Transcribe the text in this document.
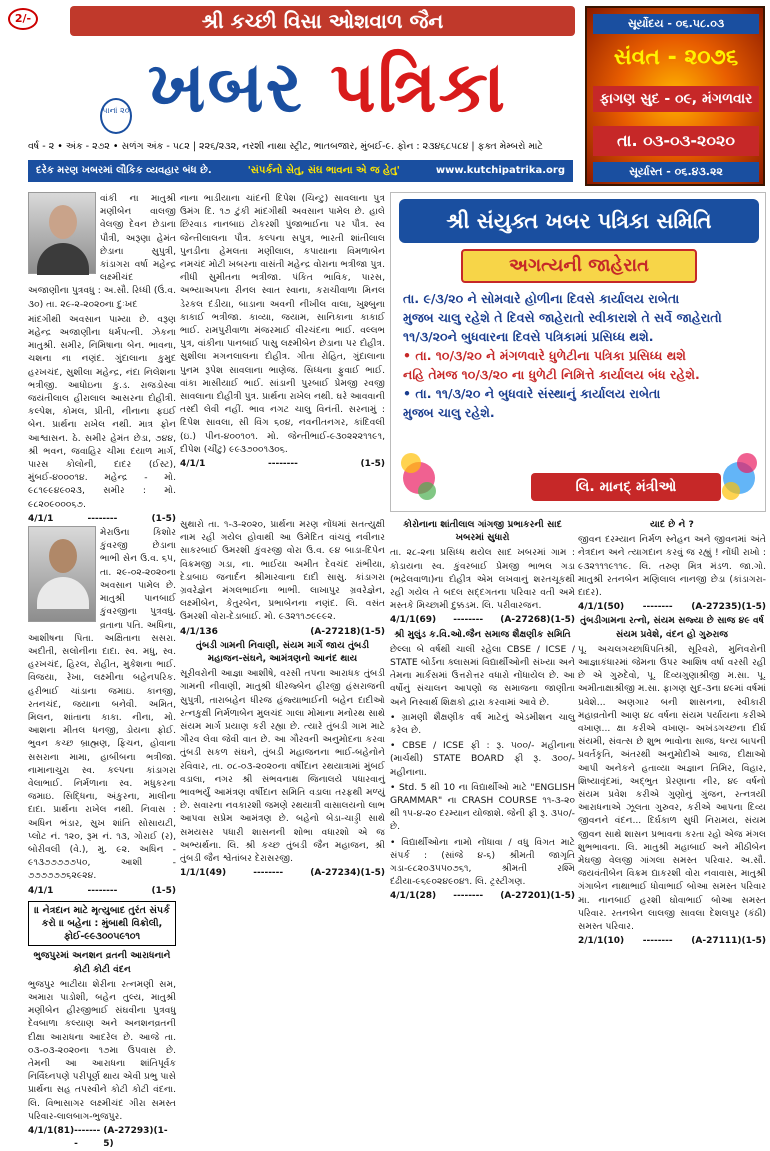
2/-	શ્રી કચ્છી વિસા ઓશવાળ જૈન
ખબર પત્રિકા
પાનાં ૨૦
વર્ષ - ૨ • અંક - ૨૭૨ • સળંગ અંક - ૫૮૨ | ૨૨૬/૨૩૨, નરશી નાથા સ્ટ્રીટ, ભાતબજાર, મુંબઈ-૯. ફોન : ૨૩૪૬૮૫૮૪ | ફક્ત મેમ્બરો માટે
દરેક મરણ ખબરમાં લૌકિક વ્યવહાર બંધ છે.	'સંપર્કનો સેતુ, સંઘ ભાવના એ જ હેતુ'	www.kutchipatrika.org
સૂર્યોદય - ૦૬.૫૮.૦૩
સંવત - ૨૦૭૬
ફાગણ સુદ - ૦૯, મંગળવાર
તા. ૦૩-૦૩-૨૦૨૦
સૂર્યાસ્ત - ૦૬.૪૩.૨૨

વાંકી ના માતુશ્રી મણીબેન વાલજી વેલજી દેવન છેડાના પૌત્રી, અરૂણા હેમંત છેડાના સુપુત્રી, કાંડાગરા વર્ષા મહેન્દ્ર લક્ષ્મીચંદ અજાણીના પુત્રવધુ : અ.સૌ. રિધ્ધી (ઉં.વ. ૩૦) તા. ૨૯-૨-૨૦૨૦ના દુઃખદ

માંદગીથી અવસાન પામ્યા છે. વરૂણ મહેન્દ્ર અજાણીના ધર્મપત્ની. ઝેકના માતુશ્રી. સમીર, નિમિષાના બેન. ભાવના, ચશના ના નણંદ. ગુંદાલાના કુમુદ હરખચંદ, સુશીલા મહેન્દ્ર, નંદા નિલેશના ભત્રીજી. આધોઇના કુ.ડ. રાજડોસ્વા જયંતીલાલ હીરાલાલ આસરના દોહીત્રી. કલ્પેશ, કોમલ, પ્રીતી, નીનાના ફઇઈ બેન. પ્રાર્થના રાખેલ નથી. માત્ર ફોન આશ્વાસન. ઠે. સમીર હેમંત છેડા, ૭૪૪, શ્રી ભવન, જવાહિર ચીમા દયાળ માર્ગ, પારસ કોલોની, દાદર (ઈસ્ટ), મુંબઈ-૪૦૦૦૧૪. મહેન્દ્ર - મો. ૯૮૧૯૯૪૯૦૨૩, સમીર : મો. ૯૮૨૦૯૦૦૦૬૭.

4/1/1	--------	(1-5)

મેરાઉના કિશોર કુંવરજી છેડાના ભાભી સેન ઉ.વ. ૬૫, તા. ૨૯-૦૨-૨૦૨૦ના અવસાન પામેલ છે. માતુશ્રી પાનબાઈ કુંવરજીના પુત્રવધુ. વ્રતાના પતિ. અધિના, આશીષના પિતા. અક્ષિતાના સસરા. અદીતી, સલોનીના દાદા. સ્વ. મધુ, સ્વ. હરખચંદ, હિરલ, રોહીત, મુકેશના ભાઈ. વિજયા, રેખા, લક્ષ્મીના બહેનપરિક. હરીભાઈ ચાંડાના જમાઇ. કાનજી, રતનચંદ, જયાના બનેવી. અમિત, મિલન, શાંતાના કાકા. નીના, મો. આશના મીતલ ધનજી, ડોયના ફોઈ. ભુવન કચ્છ બ્રાહ્મણ, ફિચન, હોવાના સસરાના મામા, હાબીબના ભત્રીજા. નામાનાચુરા સ્વ. કલ્પના કાંડાગરા વેલાભાઈ. નિર્મળાના સ્વ. મધુકરના જમાઇ. સિદ્ધિના, અંકુરના, માલીના દાદા. પ્રાર્થના રાખેલ નથી. નિવાસ : અધિન ભંડાર, સુખ શાંતિ સોસાયટી, પ્લોટ નં. ૧૨૦, રૂમ નં. ૧૩, ગોરાઈ (ર), બોરીવલી (વે.), મુ. ૯૨. અધિન - ૯૧૩૭૭૭૭૭૫૦, આશી - ૭૭૭૭૭૭૬૨૯૨૪.

4/1/1	--------	(1-5)
॥ નેત્રદાન માટે મૃત્યુબાદ તુરંત સંપર્ક કરો ॥ બહેના : મુંબાથી વિક્રોલી, ફોઈ-૯૯૩૦૦૫૯૧૦૧

ભુજપુરમાં અનશન વ્રતની આરાધનાને કોટી કોટી વંદન

ભુજપુર ભાટીયા શેરીના રત્નમણી સમ, અમારા પાડોશી, બહેન તુલ્ય, માતુશ્રી મણીબેન હીરજીભાઈ સંઘવીના પુત્રવધુ દેવબાળા કલ્યાણ અને અનશનવ્રતની દીક્ષા આરાધના આદરેલ છે. આજે તા. ૦૩-૦૩-૨૦૨૦ના ૧૭મા ઉપવાસ છે. તેમની આ આરાધના શાંતિપૂર્વક નિર્વિઘ્નપણે પરીપૂર્ણ થાય એવી પ્રભુ પાસે પ્રાર્થના સહ તપસ્વીને કોટી કોટી વંદના. લિ. વિભાસાગર લક્ષ્મીચંદ ગીરા સમસ્ત પરિવાર-લાલબાગ-ભુજપુર.

4/1/1(81) --------
(A-27293)(1-5)

નાના ભાડીયાના ચાંદની દિપેશ (ચિન્ટુ) સાવલાના પુત્ર ઉમંગ દિ. ૧૭ ટુંકી માંદગીથી અવસાન પામેલ છે. હાલે છિરવાડ નાનબાઇ ટોકરશી પુંજાભાઈના પર પૌત્ર. સ્વ જેન્તીલાલના પૌત્ર. કલ્પના સપુત્ર, ભારતી શાંતીલાલ પુનડીના હેમલતા મણીલાલ, કપાયાના વિમળાબેન નમચંદ મોટી ખબરના વાસંતી મહેન્દ્ર વોરાના ભત્રીજા પુત્ર. નીધી સુમીતના ભત્રીજા. પંકિત ભાવિક, પારસ, અભ્યાઅપના રીનલ સ્વાત સ્વાના, કરાચીવાળા મિનલ ડેરકલ દંડીયા, બાડાના અવની નીખીલ વાલા, ખુશ્બુના કાકાઈ ભત્રીજા. કાવ્યા, જયામ, સાનિકાના કાકાઈ ભાઈ. રામપુરીવાળા મંજરમાઈ વીરચંદના ભાઈ. વલ્લભ પુત્ર, વાંકીના પાનબાઈ પાસુ લક્ષ્મીબેન છેડાના પર દોહીત્ર. સુશીલા મગનલાલના દોહીત્ર. ગીતા રોહિત, ગુંદાલાના પુનમ રૂપેશ સાવલાના ભાણેજ. સિધ્ધના ફુવાઈ ભાઈ. વાંકા માસીયાઈ ભાઈ. સાંડાની પુરબાઈ પ્રેમજી રવજી સાવલાના દોહીત્રી પુત્ર. પ્રાર્થના રાખેલ નથી. ઘરે આવવાની તસ્દી લેવી નહીં. ભાવ નગટ ચાલુ વિનંતી. સરનામું : દિપેશ સાવલા, સી વિંગ ૬૦૪, નવનીતનગર, કાંદિવલી (ઇ.) પીન-૪૦૦૧૦૧. મો. જેન્તીભાઈ-૯૩૦૨૨૨૧૧૯૧, દીપેશ (ચીંટુ) ૯૯૩૭૦૦૧૩૦૬.

4/1/1	--------	(1-5)
શ્રી સંયુક્ત ખબર પત્રિકા સમિતિ
અગત્યની જાહેરાત
તા. ૯/૩/૨૦ ને સોમવારે હોળીના દિવસે કાર્યાલય રાબેતા
મુજબ ચાલુ રહેશે તે દિવસે જાહેરાતો સ્વીકારાશે તે સર્વે જાહેરાતો
૧૧/૩/૨૦ને બુધવારના દિવસે પત્રિકામાં પ્રસિધ્ધ થશે.
• તા. ૧૦/૩/૨૦ ને મંગળવારે ધુળેટીના પત્રિકા પ્રસિધ્ધ થશે
નહિ તેમજ ૧૦/૩/૨૦ ના ધુળેટી નિમિત્તે કાર્યાલય બંધ રહેશે.
• તા. ૧૧/૩/૨૦ ને બુધવારે સંસ્થાનું કાર્યાલય રાબેતા
મુજબ ચાલુ રહેશે.
લિ. માનદ્ મંત્રીઓ

સુથારો તા. ૧-૩-૨૦૨૦, પ્રાર્થના મરણ નોંધમાં સતત્યુક્ષી નામ રહી ગયેલ હોવાથી આ ઉમેદિત વાંચવું નવીનાર સાકરબાઈ ઉમરશી કુંવરજી વોરા ઉ.વ. ૯૪ બાડા-દિપેન વિક્રમજી ગડા, ના. ભાઈયા અમીત દેવચંદ રાંભીયા, દેડાબાઇ જનાર્દન શ્રીમારવાના દાદી સાસુ. કાંડાગરા ગ્રવરેજ્ઞેન મંગલભાઈના ભાભી. લાખાપુર ગ્રવરેજ્ઞેન, લક્ષ્મીબેન, કેતુરબેન, પ્રભાબેનના નણંદ. લિ. વસંત ઉમરશી વોરા-દેડાબાઈ. મો. ૯૩૨૧૧૭૯૯૯૨.

4/1/136	(A-27218)(1-5)

તુંબડી ગામની નિવાણી, સંયમ માર્ગે જાય તુંબડી મહાજન-સંઘને, આમંત્રણનો આનંદ થાય

સૂરીવરોની આજ્ઞા આશીષે, વરસી તપના આરાધક તુંબડી ગામની નીવાણી, માતુશ્રી ધીરજ્બેન હીરજી હંસરાજની સુપુત્રી, તારાબહેન ધીરજ હંજ્યાભાઈની બહેન દાદીઓ રત્નકુક્ષી નિર્મળાબેન મુલચંદ ગાલા મોમાના મનોરથ સાથે સંયમ માર્ગ પ્રયાણ કરી રહ્યા છે. ત્યારે તુંબડી ગામ માટે ગૌરવ લેવા જેવી વાત છે. આ ગૌરવની અનુમોદના કરવા તુંબડી સકળ સંઘને, તુંબડી મહાજનના ભાઈ-બહેનોને રવિવાર, તા. ૦૮-૦૩-૨૦૨૦ના વર્ષીદાન રથયાત્રામાં મુંબઈ વડાલા, નગર શ્રી સંભવનાથ જિનાલયે પધારવાનું ભાવભર્યું આમંત્રણ વર્ષીદાન સમિતિ વડાલા તરફથી મળ્યું છે. સવારના નવકારશી જમણે રથયાત્રી વાસાલયનો લાભ આપવા સપ્રેમ આમંત્રણ છે. બહેનો બેડા-ચાડ્ડી સાથે સમયસર પધારી શાસનની શોભા વધારશો એ જ અભ્યર્થના. લિ. શ્રી કચ્છ તુંબડી જૈન મહાજન, શ્રી તુંબડી જૈન શ્વેતાંબર દેરાસરજી.

1/1/1(49)	--------	(A-27234)(1-5)

કોરોનાના શાંતીલાલ ગાંગજી પ્રભાકરની સાદ ખબરમાં સુધારો

તા. ૨૮-૨ના પ્રસિધ્ધ થયેલ સાદ ખબરમાં ગામ : કોડાયના સ્વ. કુંવરબાઈ પ્રેમજી ભાભલ ગડા (ભદ્રેલવાળા)ના દોહીત્ર એમ લખવાનું શરતચૂકથી રહી ગયેલ તે બદલ સદ્દગતના પરિવાર વતી અમે મસ્તકે મિચ્છામી દુક્કડમ. લિ. પરીવારજન.

4/1/1(69) -------- (A-27268)(1-5)

શ્રી મુલુંડ ક.વિ.ઓ.જૈન સમાજ શૈક્ષણીક સમિતિ

છેલ્લા બે વર્ષથી ચાલી રહેલા CBSE / ICSE / STATE બોર્ડના ક્લાસમાં વિદ્યાર્થીઓની સંખ્યા અને તેમના માર્કસમાં ઉત્તરોત્તર વધારો નોંધાયેલ છે. આ વર્ષોનું સંચાલન આપણો જ સમાજના જાણીતા અને નિસ્વાર્થ શિક્ષકો દ્વારા કરવામાં આવે છે.

• ગ્રામણી શૈક્ષણીક વર્ષ માટેનું એડમીશન ચાલુ કરેલ છે.

• CBSE / ICSE ફી : રૂ. ૫૦૦/- મહીનાના (માર્ચથી) STATE BOARD ફી રૂ. ૩૦૦/- મહીનાના.

• Std. 5 થી 10 ના વિદ્યાર્થીઓ માટે "ENGLISH GRAMMAR" ના CRASH COURSE ૧૧-૩-૨૦ થી ૧૫-૪-૨૦ દરમ્યાન યોજાશે. જેની ફી રૂ. ૩૫૦/- છે.

• વિદ્યાર્થીઓના નામો નોંધાવા / વધુ વિગત માટે સંપર્ક : (સાંજે ૪-૬) શ્રીમતી જાગૃતિ ગડા-૯૮૨૦૩૫૫૦૭૬૧, શ્રીમતી રશ્મિ દંઢીયા-૯૬૯૦૨૪૯૦૪૧. લિ. ટ્રસ્ટીગણ.

4/1/1(28) -------- (A-27201)(1-5)

યાદ છે ને ?

જીવન દરમ્યાન નિર્મળ સ્નેહન અને જીવનમાં અંતે નેત્રદાન અને ત્યાગદાન કરવું જ રહ્યું ! નોંધી રાખો : ૯૩૨૧૧૧૯૧૧૯. લિ. તરુણ મિત્ર મંડળ. જા.ગો. માતુશ્રી રતનબેન મણિલાલ નાનજી છેડા (કાંડાગરા-દાદર).

4/1/1(50) -------- (A-27235)(1-5)

તુંબડીગામના રત્નો, સંયમ સજ્યા છે સાજ ૪૯ વર્ષ સંયમ પ્રવેશે, વંદન હો ગુરુરાજ

પૂ. અચલગચ્છાધિપતિશ્રી, સૂરિવરો, મુનિવરોની આજ્ઞાકંધારમાં જેમના ઉપર આશિષ વર્ષા વરસી રહી છે એ ગુરુદેવો, પૂ. દિવ્યગુણાશ્રીજી મ.સા. પૂ. અમીતાક્ષાશ્રીજી મ.સા. ફાગણ સુદ-૩ના ૪૯માં વર્ષમાં પ્રવેશે... અણગાર બની શાસનના, સ્વીકારી મહાવ્રતોની આણ ૪૮ વર્ષના સંયમ પર્યાયના કરીએ વખાણ... ક્ષા કરીએ વખાણ- અખંડગચ્છના દીર્ઘ સંયમી, સંવત્સ છે શુભ ભાવોના સાજ, ધન્ય બાપની પ્રવર્તકૃતિ, અંતરથી અનુમોદીએ આજ, દીક્ષાઓ આપી અનેકને હતાવ્યા અજ્ઞાન તિમિર, વિહાર, શિષ્યાવૃંદમાં, અદ્ભુત પ્રેરણાના નીર, ૪૯ વર્ષનો સંયમ પ્રવેશ કરીએ ગુણોનું ગુંજન, રત્નત્રયી આરાધનાએ ઝૂલતા ગુરુવર, કરીએ આપના દિવ્ય જીવનને વંદન... દિર્ઘકાળ સુધી નિરામય, સંયમ જીવન સાથે શાસન પ્રભાવના કરતા રહો એજ મંગલ શુભભાવના. લિ. માતુશ્રી મહાબાઈ અને મીઠીબેન મેઘજી વેલજી ગાંગલા સમસ્ત પરિવાર. અ.સૌ. જયવંતીબેન વિક્રમ દ્યાકરશી વોરા નવાવાસ, માતુશ્રી ગંગાબેન નાથાભાઈ ધોવાભાઈ બોઆ સમસ્ત પરિવાર મા. નાનબાઈ હરશી ઘોવાભાઈ બોઆ સમસ્ત પરિવાર. રતનબેન લાલજી સાવલા દેશલપુર (કંઠી) સમસ્ત પરિવાર.

2/1/1(10) -------- (A-27111)(1-5)
